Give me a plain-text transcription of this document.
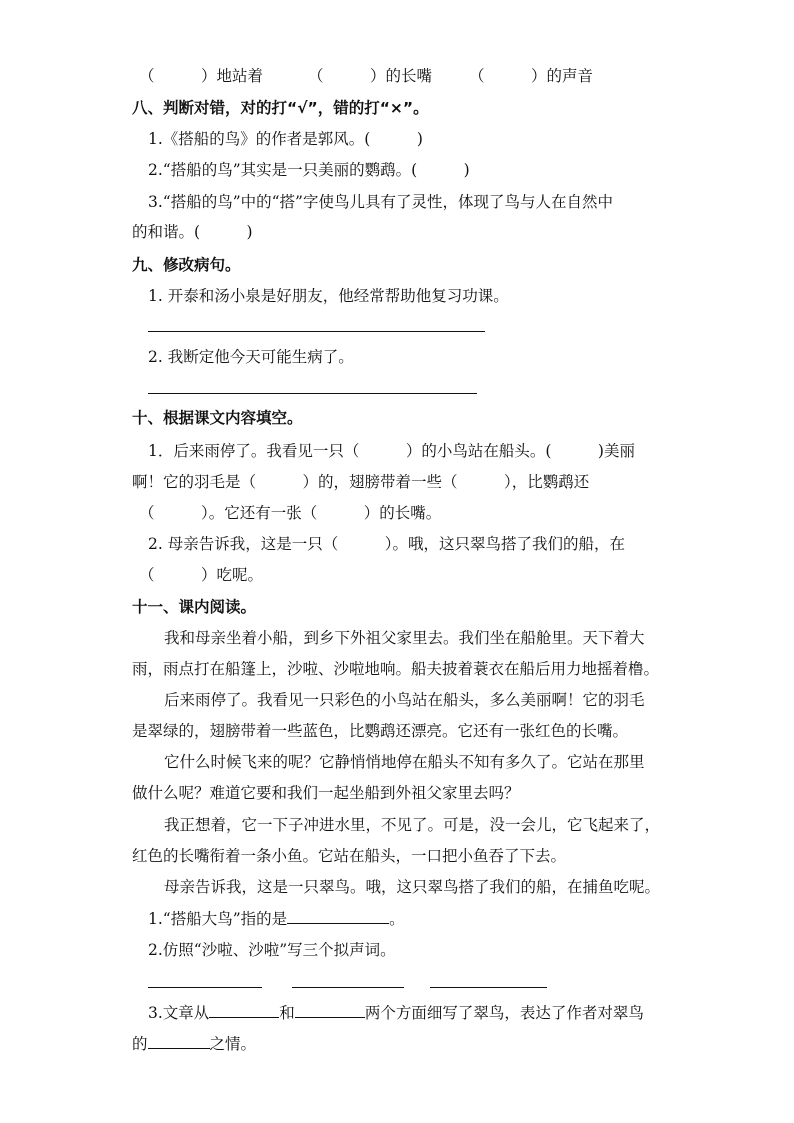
（　　　）地站着	（　　　）的长嘴 （　　　）的声音
八、判断对错，对的打“√”，错的打“×”。
1.《搭船的鸟》的作者是郭风。(　　　)
2.“搭船的鸟”其实是一只美丽的鹦鹉。(　　　)
3.“搭船的鸟”中的“搭”字使鸟儿具有了灵性，体现了鸟与人在自然中
的和谐。(　　　)
九、修改病句。
1. 开泰和汤小泉是好朋友，他经常帮助他复习功课。
2. 我断定他今天可能生病了。
十、根据课文内容填空。
1．后来雨停了。我看见一只（　　　）的小鸟站在船头。(　　　)美丽
啊！它的羽毛是（　　　）的，翅膀带着一些（　　　），比鹦鹉还
（　　　）。它还有一张（　　　）的长嘴。
2. 母亲告诉我，这是一只（　　　）。哦，这只翠鸟搭了我们的船，在
（　　　）吃呢。
十一、课内阅读。
我和母亲坐着小船，到乡下外祖父家里去。我们坐在船舱里。天下着大
雨，雨点打在船篷上，沙啦、沙啦地响。船夫披着蓑衣在船后用力地摇着橹。
后来雨停了。我看见一只彩色的小鸟站在船头，多么美丽啊！它的羽毛
是翠绿的，翅膀带着一些蓝色，比鹦鹉还漂亮。它还有一张红色的长嘴。
它什么时候飞来的呢？它静悄悄地停在船头不知有多久了。它站在那里
做什么呢？难道它要和我们一起坐船到外祖父家里去吗？
我正想着，它一下子冲进水里，不见了。可是，没一会儿，它飞起来了，
红色的长嘴衔着一条小鱼。它站在船头，一口把小鱼吞了下去。
母亲告诉我，这是一只翠鸟。哦，这只翠鸟搭了我们的船，在捕鱼吃呢。
1.“搭船大鸟”指的是	。
2.仿照“沙啦、沙啦”写三个拟声词。
3.文章从	和	两个方面细写了翠鸟，表达了作者对翠鸟
的	之情。
